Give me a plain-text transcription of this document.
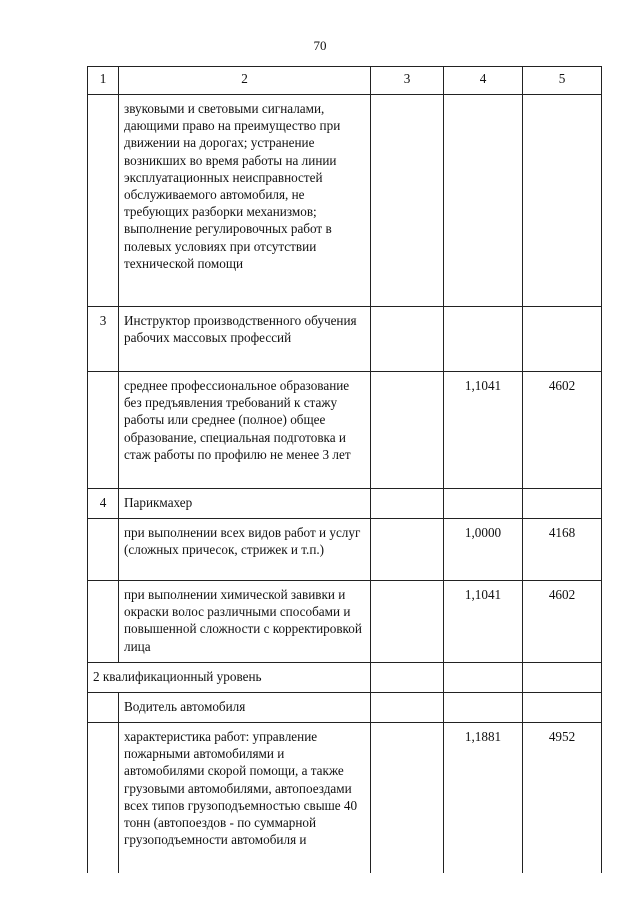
70
1	2	3	4	5
	звуковыми и световыми сигналами, дающими право на преимущество при движении на дорогах; устранение возникших во время работы на линии эксплуатационных неисправностей обслуживаемого автомобиля, не требующих разборки механизмов; выполнение регулировочных работ в полевых условиях при отсутствии технической помощи			
3	Инструктор производственного обучения рабочих массовых профессий			
	среднее профессиональное образование без предъявления требований к стажу работы или среднее (полное) общее образование, специальная подготовка и стаж работы по профилю не менее 3 лет		1,1041	4602
4	Парикмахер			
	при выполнении всех видов работ и услуг (сложных причесок, стрижек и т.п.)		1,0000	4168
	при выполнении химической завивки и окраски волос различными способами и повышенной сложности с корректировкой лица		1,1041	4602
2 квалификационный уровень				
	Водитель автомобиля			
	характеристика работ: управление пожарными автомобилями и автомобилями скорой помощи, а также грузовыми автомобилями, автопоездами всех типов грузоподъемностью свыше 40 тонн (автопоездов - по суммарной грузоподъемности автомобиля и		1,1881	4952
